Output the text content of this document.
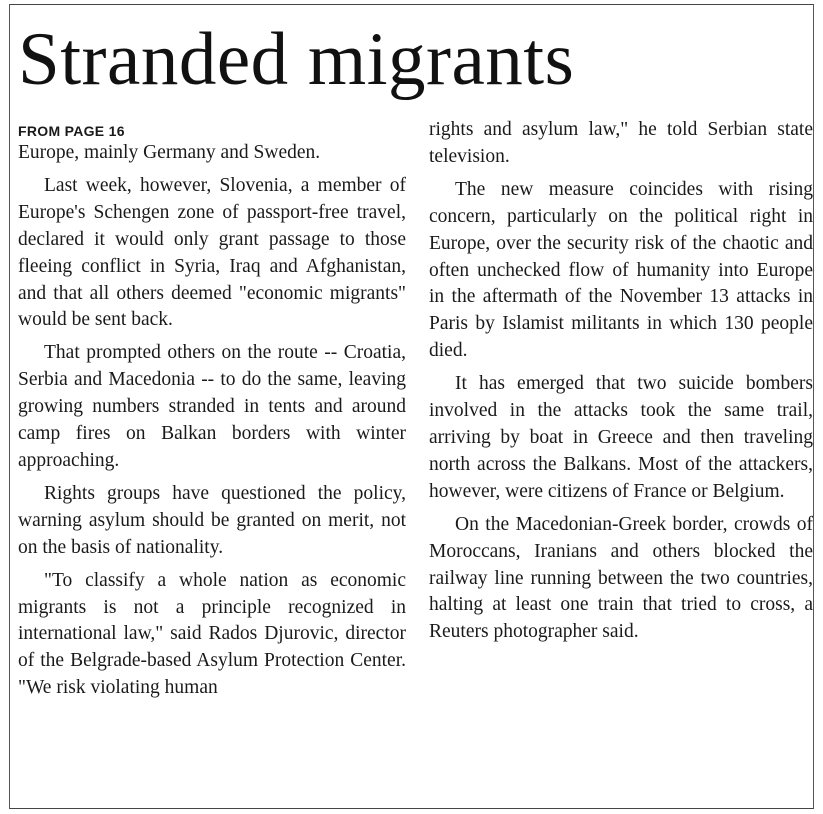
Stranded migrants
FROM PAGE 16

Europe, mainly Germany and Sweden.

Last week, however, Slovenia, a member of Europe's Schengen zone of passport-free travel, declared it would only grant passage to those fleeing conflict in Syria, Iraq and Afghanistan, and that all others deemed "economic migrants" would be sent back.

That prompted others on the route -- Croatia, Serbia and Macedonia -- to do the same, leaving growing numbers stranded in tents and around camp fires on Balkan borders with winter approaching.

Rights groups have questioned the policy, warning asylum should be granted on merit, not on the basis of nationality.

"To classify a whole nation as economic migrants is not a principle recognized in international law," said Rados Djurovic, director of the Belgrade-based Asylum Protection Center. "We risk violating human

rights and asylum law," he told Serbian state television.

The new measure coincides with rising concern, particularly on the political right in Europe, over the security risk of the chaotic and often unchecked flow of humanity into Europe in the aftermath of the November 13 attacks in Paris by Islamist militants in which 130 people died.

It has emerged that two suicide bombers involved in the attacks took the same trail, arriving by boat in Greece and then traveling north across the Balkans. Most of the attackers, however, were citizens of France or Belgium.

On the Macedonian-Greek border, crowds of Moroccans, Iranians and others blocked the railway line running between the two countries, halting at least one train that tried to cross, a Reuters photographer said.
